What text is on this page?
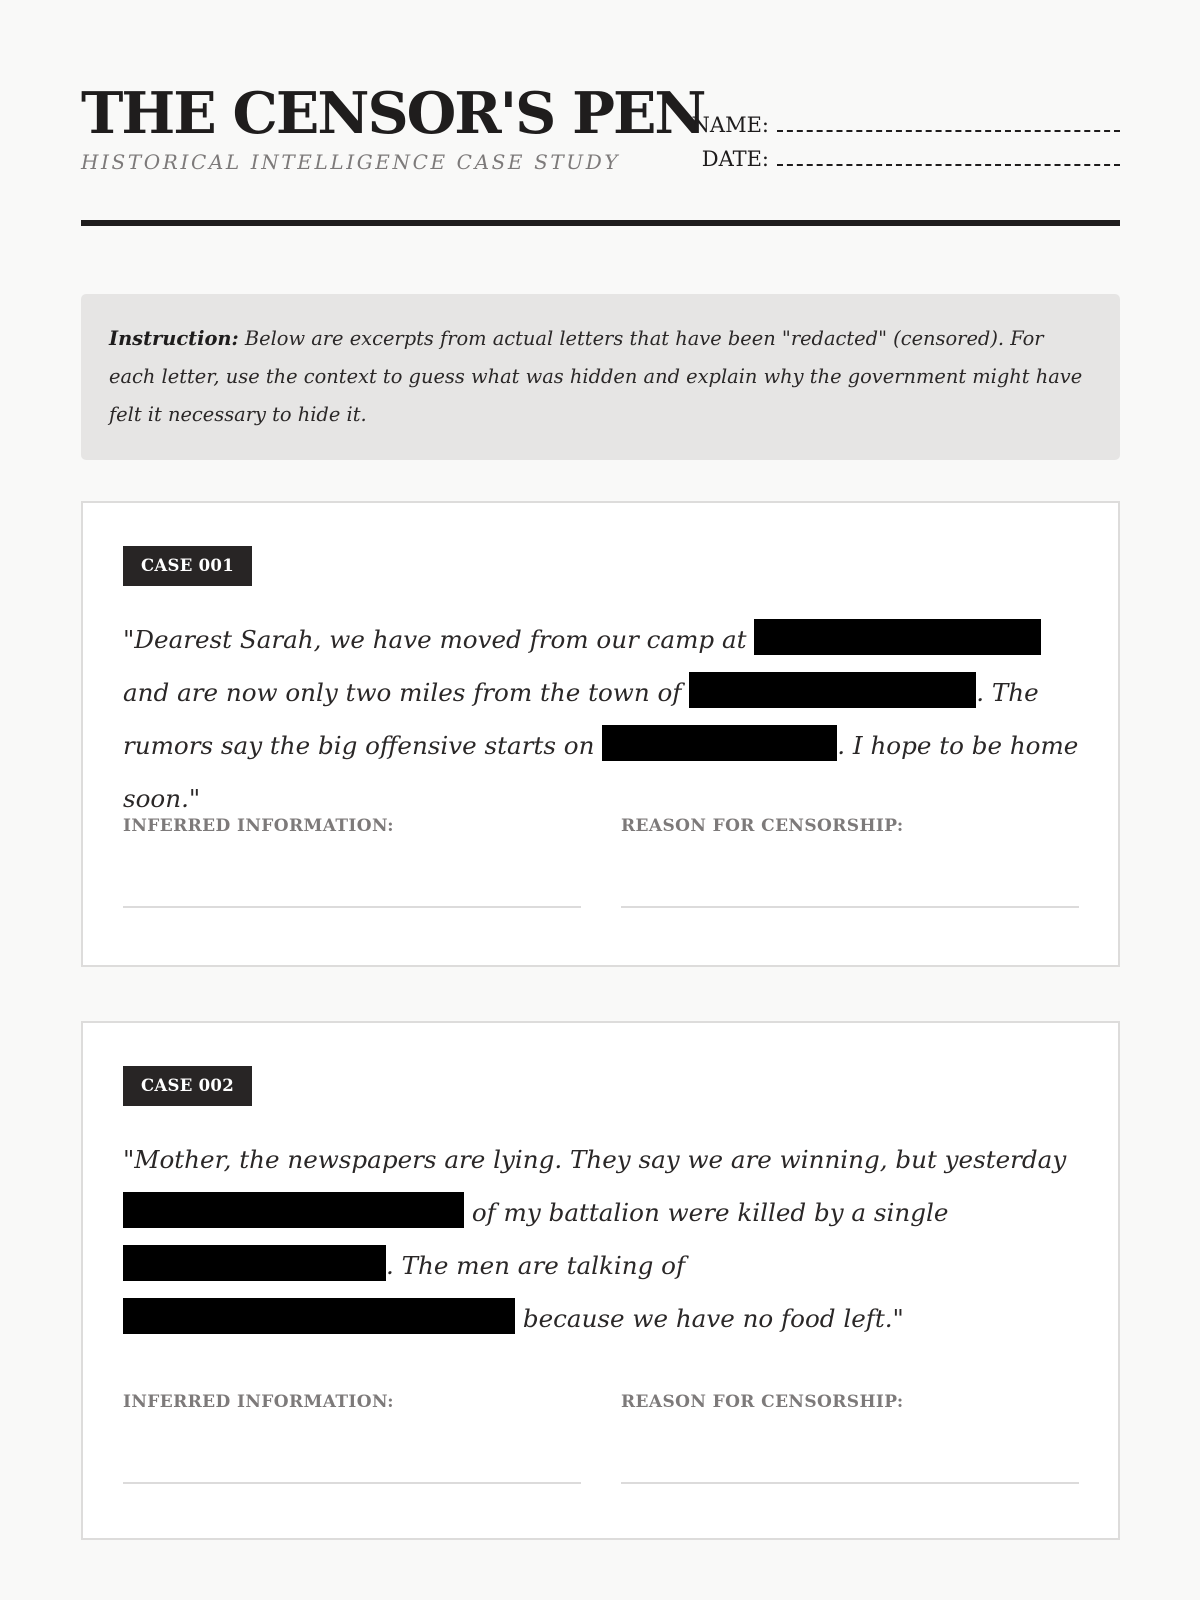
THE CENSOR'S PEN
HISTORICAL INTELLIGENCE CASE STUDY
NAME:
DATE:
Instruction: Below are excerpts from actual letters that have been "redacted" (censored). For each letter, use the context to guess what was hidden and explain why the government might have felt it necessary to hide it.
CASE 001
"Dearest Sarah, we have moved from our camp at  and are now only two miles from the town of	. The rumors say the big offensive starts on	. I hope to be home soon."
INFERRED INFORMATION:	REASON FOR CENSORSHIP:
CASE 002
"Mother, the newspapers are lying. They say we are winning, but yesterday  of my battalion were killed by a single . The men are talking of  because we have no food left."
INFERRED INFORMATION:	REASON FOR CENSORSHIP:
